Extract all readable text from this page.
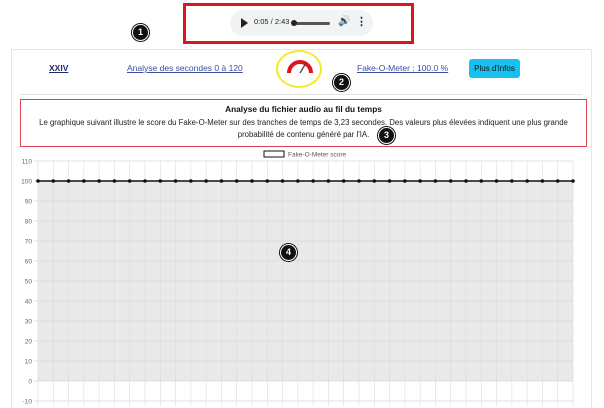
0:05 / 2:43	🔊 ⋮
1
XXIV	Analyse des secondes 0 à 120
2
Fake-O-Meter : 100.0 %	Plus d'infos
Analyse du fichier audio au fil du temps
Le graphique suivant illustre le score du Fake-O-Meter sur des tranches de temps de 3,23 secondes. Des valeurs plus élevées indiquent une plus grande probabilité de contenu généré par l'IA.	3
110
100
90
80
70
60
50
40
30
20
10
0
-10
Fake-O-Meter score
4
